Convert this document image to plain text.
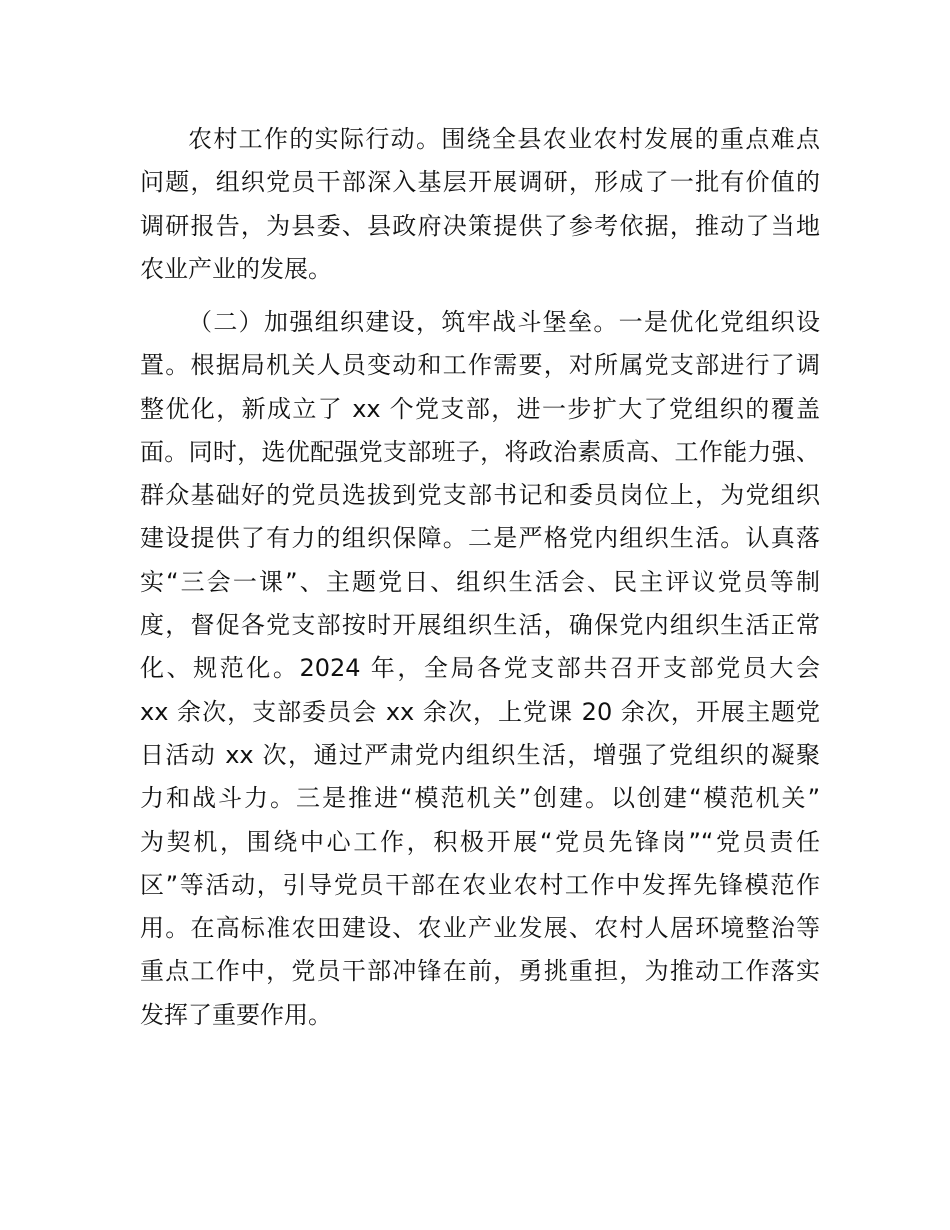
农村工作的实际行动。围绕全县农业农村发展的重点难点
问题，组织党员干部深入基层开展调研，形成了一批有价值的
调研报告，为县委、县政府决策提供了参考依据，推动了当地
农业产业的发展。
（二）加强组织建设，筑牢战斗堡垒。一是优化党组织设
置。根据局机关人员变动和工作需要，对所属党支部进行了调
整优化，新成立了 xx 个党支部，进一步扩大了党组织的覆盖
面。同时，选优配强党支部班子，将政治素质高、工作能力强、
群众基础好的党员选拔到党支部书记和委员岗位上，为党组织
建设提供了有力的组织保障。二是严格党内组织生活。认真落
实“三会一课”、主题党日、组织生活会、民主评议党员等制
度，督促各党支部按时开展组织生活，确保党内组织生活正常
化、规范化。2024 年，全局各党支部共召开支部党员大会
xx 余次，支部委员会 xx 余次，上党课 20 余次，开展主题党
日活动 xx 次，通过严肃党内组织生活，增强了党组织的凝聚
力和战斗力。三是推进“模范机关”创建。以创建“模范机关”
为契机，围绕中心工作，积极开展“党员先锋岗”“党员责任
区”等活动，引导党员干部在农业农村工作中发挥先锋模范作
用。在高标准农田建设、农业产业发展、农村人居环境整治等
重点工作中，党员干部冲锋在前，勇挑重担，为推动工作落实
发挥了重要作用。
